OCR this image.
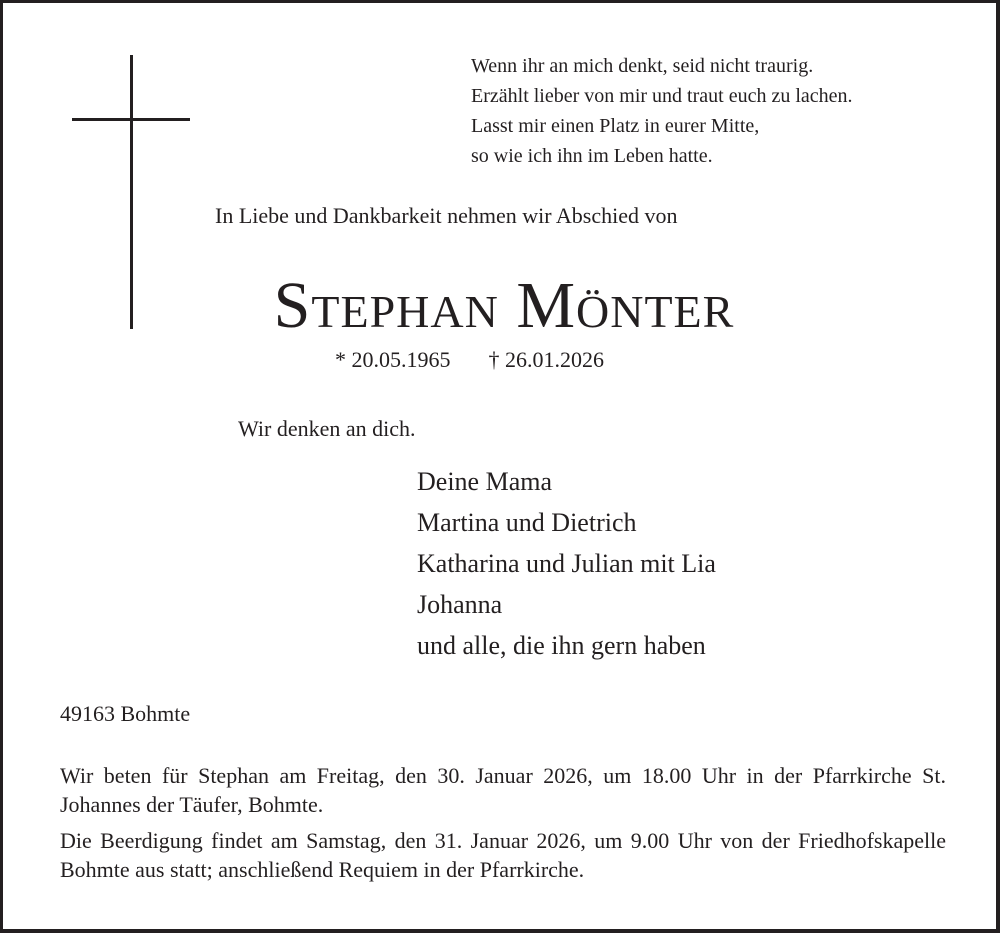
Wenn ihr an mich denkt, seid nicht traurig.
Erzählt lieber von mir und traut euch zu lachen.
Lasst mir einen Platz in eurer Mitte,
so wie ich ihn im Leben hatte.
In Liebe und Dankbarkeit nehmen wir Abschied von
Stephan Mönter
* 20.05.1965 † 26.01.2026
Wir denken an dich.
Deine Mama
Martina und Dietrich
Katharina und Julian mit Lia
Johanna
und alle, die ihn gern haben
49163 Bohmte
Wir beten für Stephan am Freitag, den 30. Januar 2026, um 18.00 Uhr in der Pfarrkirche St. Johannes der Täufer, Bohmte.
Die Beerdigung findet am Samstag, den 31. Januar 2026, um 9.00 Uhr von der Friedhofskapelle Bohmte aus statt; anschließend Requiem in der Pfarrkirche.
